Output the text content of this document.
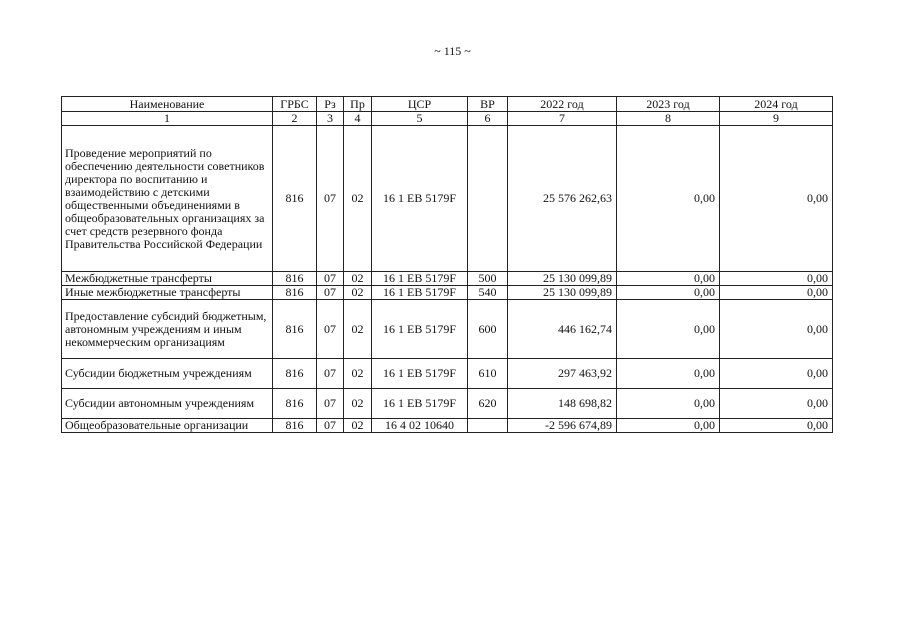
~ 115 ~
Наименование	ГРБС	Рз	Пр	ЦСР	ВР	2022 год	2023 год	2024 год
1	2	3	4	5	6	7	8	9
Проведение мероприятий по обеспечению деятельности советников директора по воспитанию и взаимодействию с детскими общественными объединениями в общеобразовательных организациях за счет средств резервного фонда Правительства Российской Федерации	816	07	02	16 1 ЕВ 5179F		25 576 262,63	0,00	0,00
Межбюджетные трансферты	816	07	02	16 1 ЕВ 5179F	500	25 130 099,89	0,00	0,00
Иные межбюджетные трансферты	816	07	02	16 1 ЕВ 5179F	540	25 130 099,89	0,00	0,00
Предоставление субсидий бюджетным, автономным учреждениям и иным некоммерческим организациям	816	07	02	16 1 ЕВ 5179F	600	446 162,74	0,00	0,00
Субсидии бюджетным учреждениям	816	07	02	16 1 ЕВ 5179F	610	297 463,92	0,00	0,00
Субсидии автономным учреждениям	816	07	02	16 1 ЕВ 5179F	620	148 698,82	0,00	0,00
Общеобразовательные организации	816	07	02	16 4 02 10640		-2 596 674,89	0,00	0,00
